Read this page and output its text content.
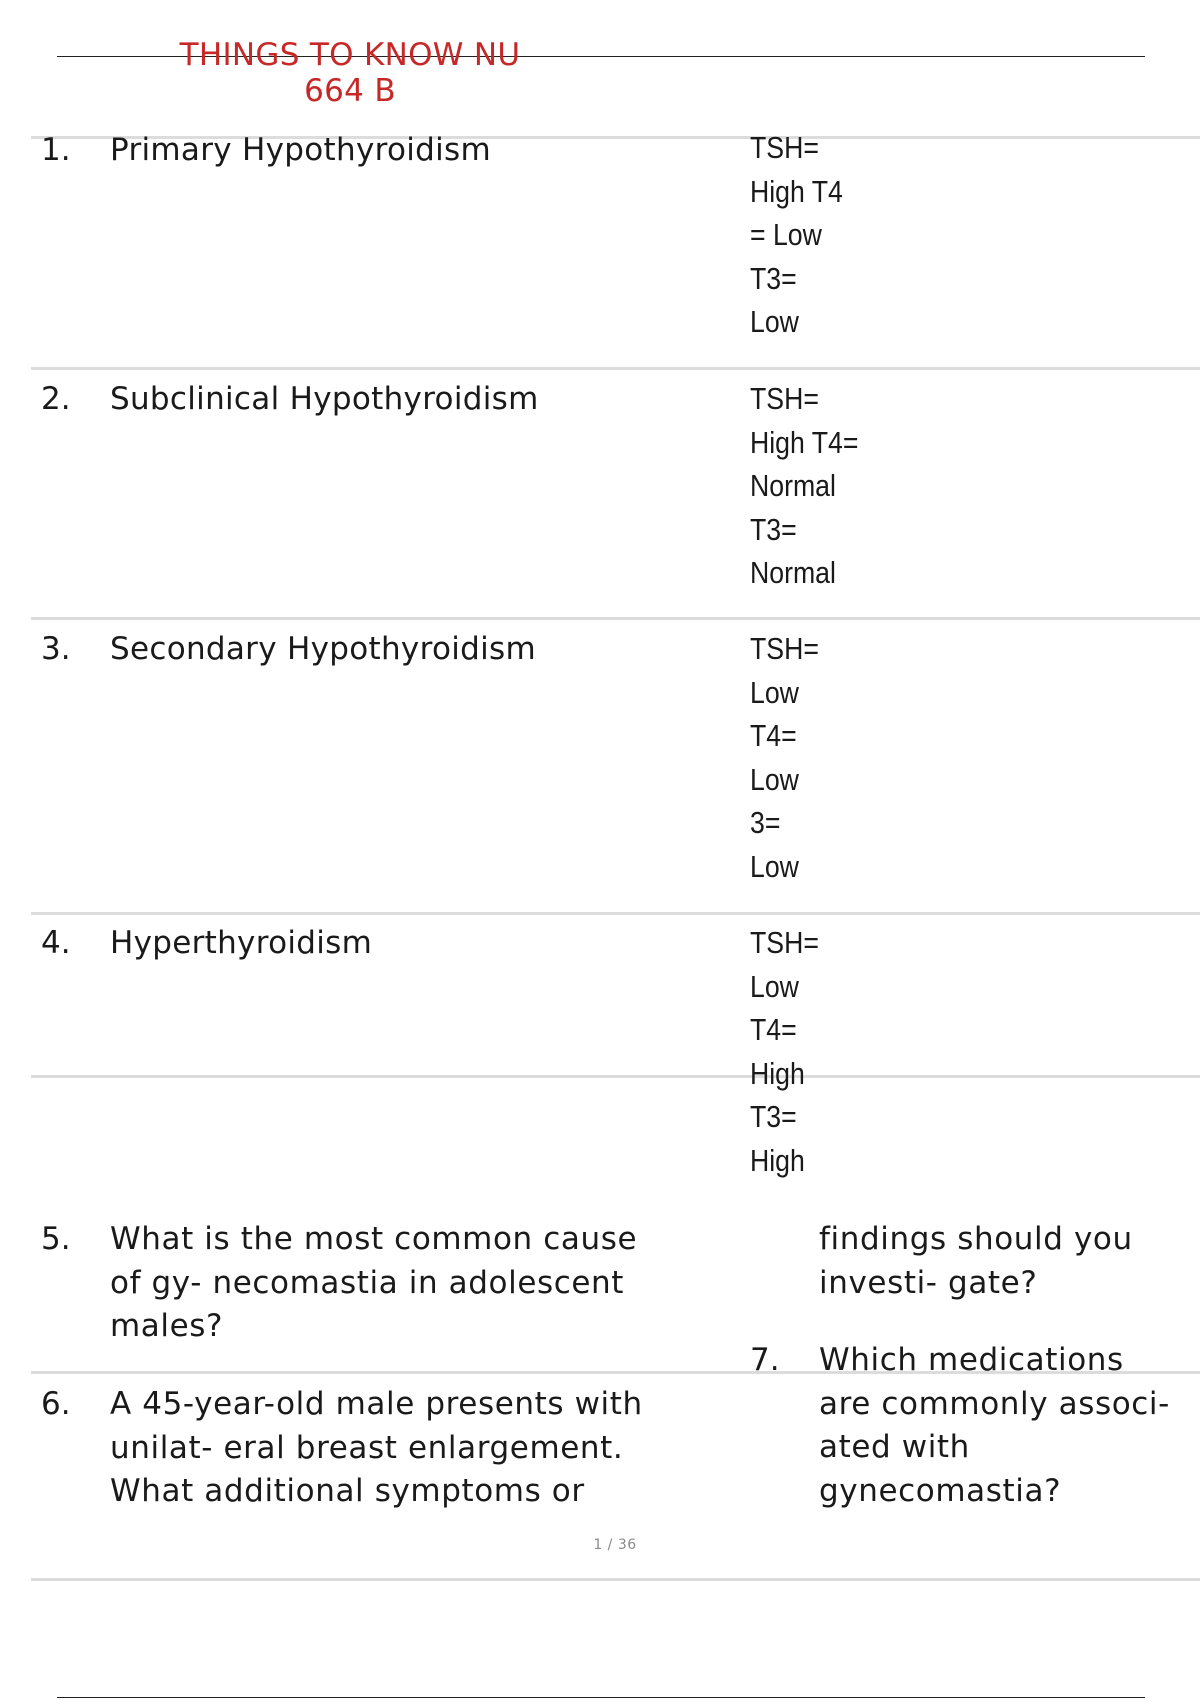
THINGS TO KNOW NU
664 B
1. Primary Hypothyroidism	TSH=
High T4
= Low
T3=
Low
2. Subclinical Hypothyroidism	TSH=
High T4=
Normal
T3=
Normal
3. Secondary Hypothyroidism	TSH=
Low
T4=
Low
3=
Low
4. Hyperthyroidism	TSH=
Low
T4=
High
T3=
High
5. What is the most common cause
of gy- necomastia in adolescent
males?
findings should you
investi- gate?
7. Which medications
are commonly associ-
ated with
gynecomastia?
6. A 45-year-old male presents with
unilat- eral breast enlargement.
What additional symptoms or
1 / 36
